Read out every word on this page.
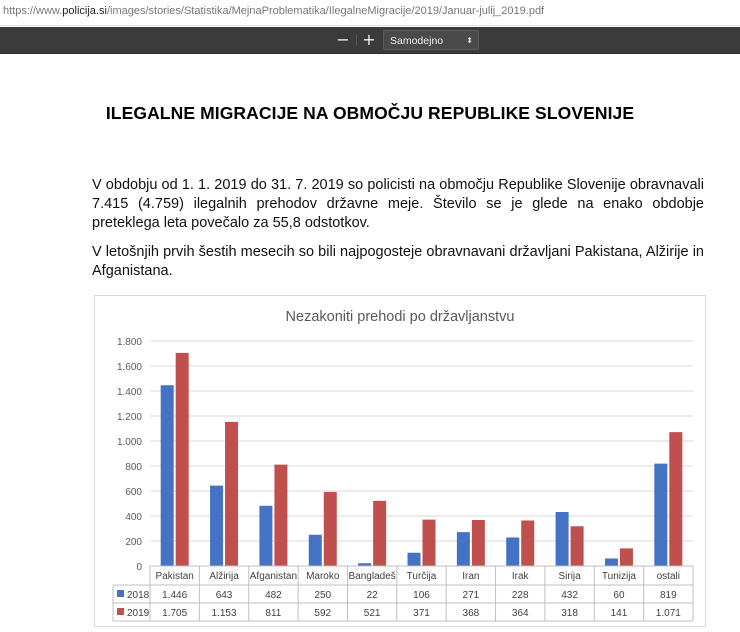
https://www.policija.si/images/stories/Statistika/MejnaProblematika/IlegalneMigracije/2019/Januar-julij_2019.pdf
− +	Samodejno	⬍
ILEGALNE MIGRACIJE NA OBMOČJU REPUBLIKE SLOVENIJE
V obdobju od 1. 1. 2019 do 31. 7. 2019 so policisti na območju Republike Slovenije obravnavali 7.415 (4.759) ilegalnih prehodov državne meje. Število se je glede na enako obdobje preteklega leta povečalo za 55,8 odstotkov.
V letošnjih prvih šestih mesecih so bili najpogosteje obravnavani državljani Pakistana, Alžirije in Afganistana.
Nezakoniti prehodi po državljanstvu
0
200
400
600
800
1.000
1.200
1.400
1.600
1.800
Pakistan Alžirija Afganistan Maroko Bangladeš Turčija	Iran	Irak	Sirija Tunizija ostali
2018 1.446	643	482	250	22	106	271	228	432	60	819
2019 1.705 1.153	811	592	521	371	368	364	318	141	1.071
